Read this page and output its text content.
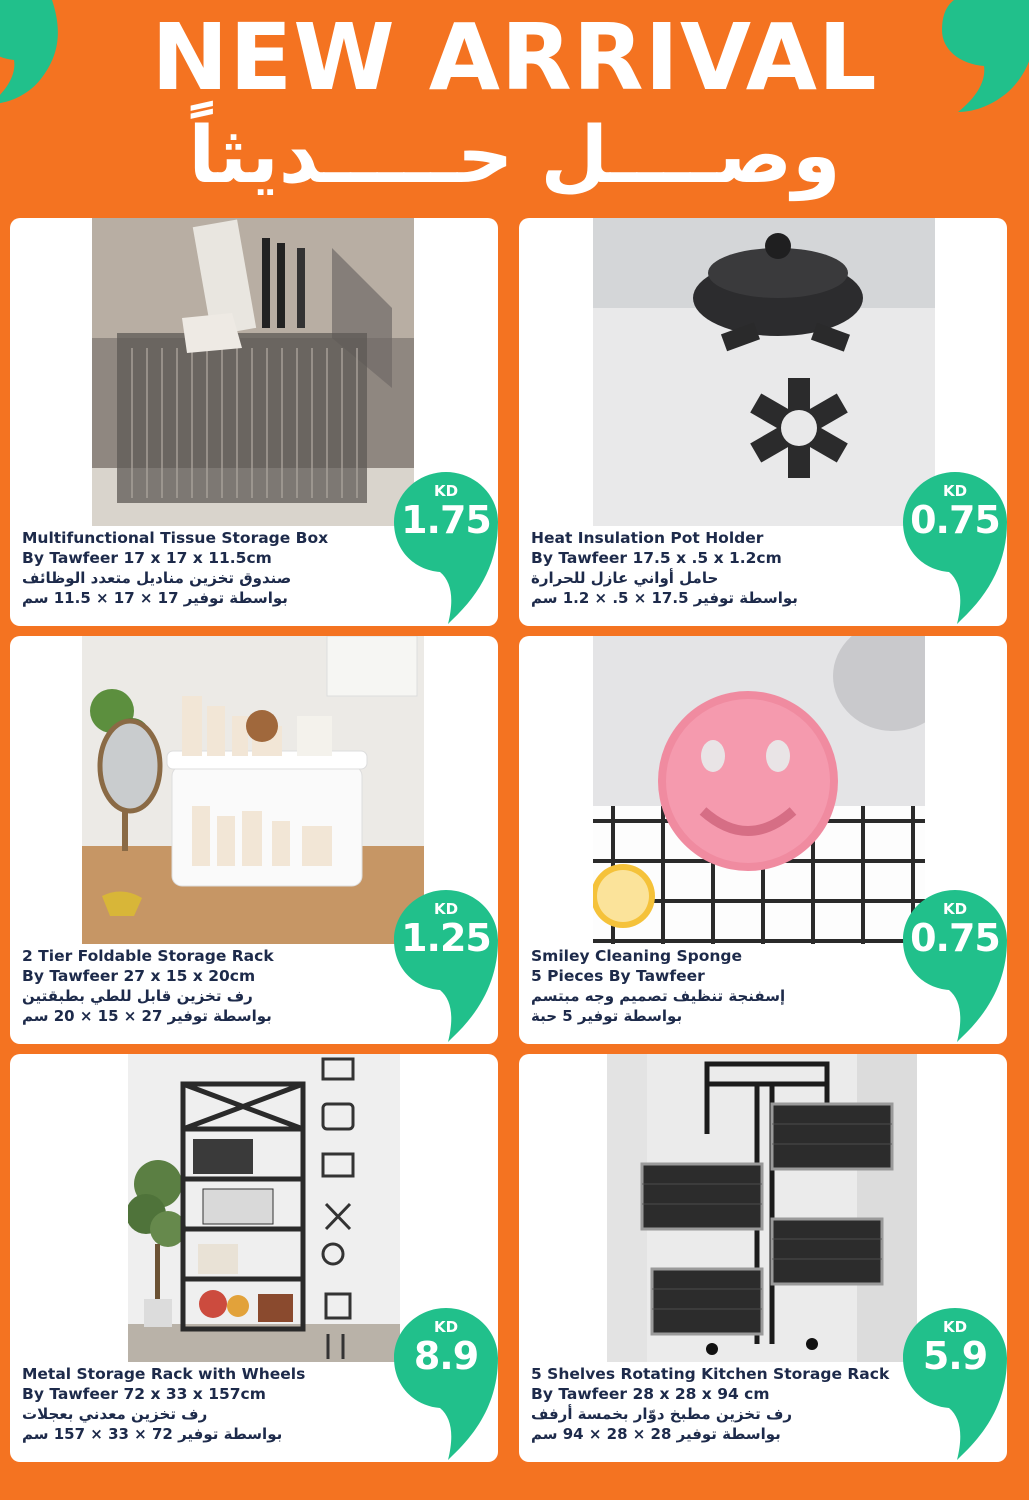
NEW ARRIVAL
وصــــل حـــــديثاً
Multifunctional Tissue Storage Box
By Tawfeer 17 x 17 x 11.5cm
صندوق تخزين مناديل متعدد الوظائف
بواسطة توفير 17 × 17 × 11.5 سم
KD
1.75	Heat Insulation Pot Holder
By Tawfeer 17.5 x .5 x 1.2cm
حامل أواني عازل للحرارة
بواسطة توفير 17.5 × 5. × 1.2 سم
KD
0.75
2 Tier Foldable Storage Rack
By Tawfeer 27 x 15 x 20cm
رف تخزين قابل للطي بطبقتين
بواسطة توفير 27 × 15 × 20 سم
KD
1.25	Smiley Cleaning Sponge
5 Pieces By Tawfeer
إسفنجة تنظيف تصميم وجه مبتسم
بواسطة توفير 5 حبة
KD
0.75
Metal Storage Rack with Wheels
By Tawfeer 72 x 33 x 157cm
رف تخزين معدني بعجلات
بواسطة توفير 72 × 33 × 157 سم
KD
8.9	5 Shelves Rotating Kitchen Storage Rack
By Tawfeer 28 x 28 x 94 cm
رف تخزين مطبخ دوّار بخمسة أرفف
بواسطة توفير 28 × 28 × 94 سم
KD
5.9
